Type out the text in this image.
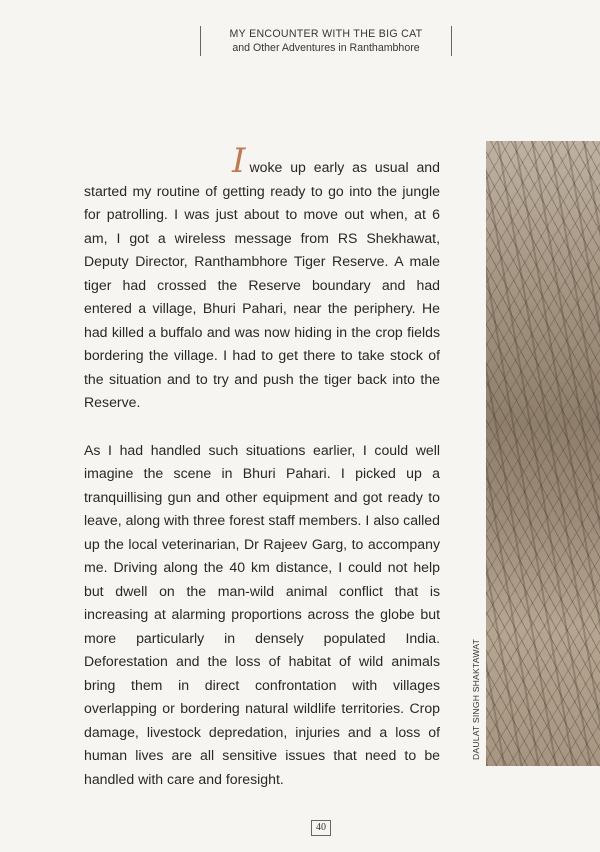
MY ENCOUNTER WITH THE BIG CAT
and Other Adventures in Ranthambhore

Iwoke up early as usual and started my routine of getting ready to go into the jungle for patrolling. I was just about to move out when, at 6 am, I got a wireless message from RS Shekhawat, Deputy Director, Ranthambhore Tiger Reserve. A male tiger had crossed the Reserve boundary and had entered a village, Bhuri Pahari, near the periphery. He had killed a buffalo and was now hiding in the crop fields bordering the village. I had to get there to take stock of the situation and to try and push the tiger back into the Reserve.

As I had handled such situations earlier, I could well imagine the scene in Bhuri Pahari. I picked up a tranquillising gun and other equipment and got ready to leave, along with three forest staff members. I also called up the local veterinarian, Dr Rajeev Garg, to accompany me. Driving along the 40 km distance, I could not help but dwell on the man-wild animal conflict that is increasing at alarming proportions across the globe but more particularly in densely populated India. Deforestation and the loss of habitat of wild animals bring them in direct confrontation with villages overlapping or bordering natural wildlife territories. Crop damage, livestock depredation, injuries and a loss of human lives are all sensitive issues that need to be handled with care and foresight.

DAULAT SINGH SHAKTAWAT
40
